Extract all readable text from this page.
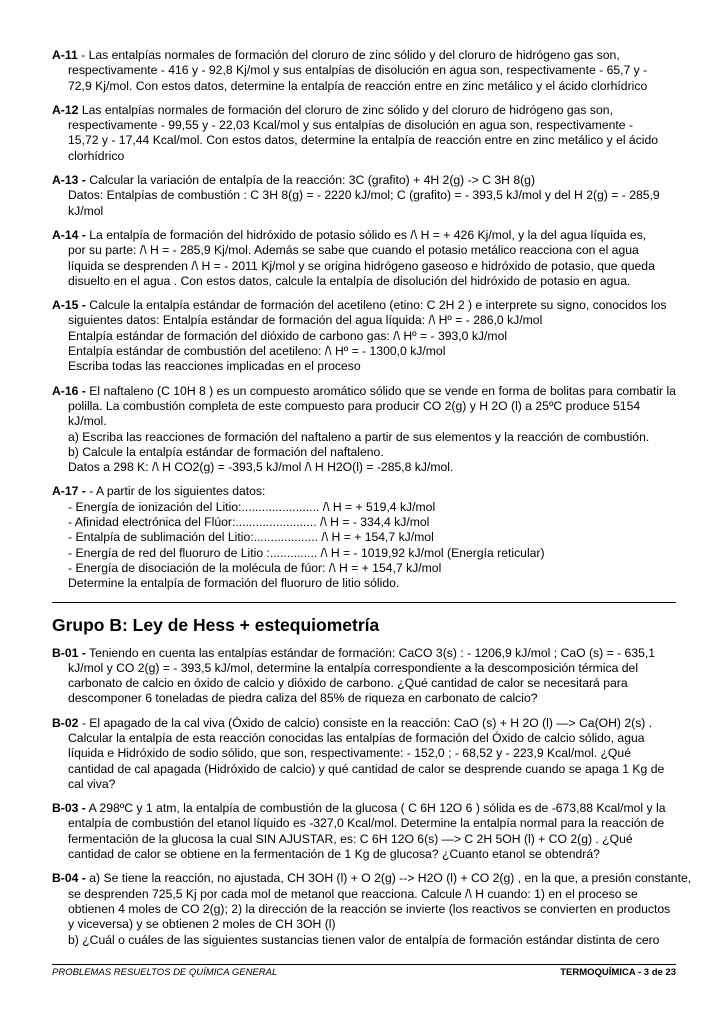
A-11 - Las entalpías normales de formación del cloruro de zinc sólido y del cloruro de hidrógeno gas son,
respectivamente - 416 y - 92,8 Kj/mol y sus entalpías de disolución en agua son, respectivamente - 65,7 y -
72,9 Kj/mol. Con estos datos, determine la entalpía de reacción entre en zinc metálico y el ácido clorhídrico
A-12 Las entalpías normales de formación del cloruro de zinc sólido y del cloruro de hidrógeno gas son,
respectivamente - 99,55 y - 22,03 Kcal/mol y sus entalpías de disolución en agua son, respectivamente -
15,72 y - 17,44 Kcal/mol. Con estos datos, determine la entalpía de reacción entre en zinc metálico y el ácido
clorhídrico
A-13 - Calcular la variación de entalpía de la reacción: 3C (grafito) + 4H 2(g) -> C 3H 8(g)
Datos: Entalpías de combustión : C 3H 8(g) = - 2220 kJ/mol; C (grafito) = - 393,5 kJ/mol y del H 2(g) = - 285,9
kJ/mol
A-14 - La entalpía de formación del hidróxido de potasio sólido es /\ H = + 426 Kj/mol, y la del agua líquida es,
por su parte: /\ H = - 285,9 Kj/mol. Además se sabe que cuando el potasio metálico reacciona con el agua
líquida se desprenden /\ H = - 2011 Kj/mol y se origina hidrógeno gaseoso e hidróxido de potasio, que queda
disuelto en el agua . Con estos datos, calcule la entalpía de disolución del hidróxido de potasio en agua.
A-15 - Calcule la entalpía estándar de formación del acetileno (etino: C 2H 2 ) e interprete su signo, conocidos los
siguientes datos: Entalpía estándar de formación del agua líquida: /\ Hº = - 286,0 kJ/mol
Entalpía estándar de formación del dióxido de carbono gas: /\ Hº = - 393,0 kJ/mol
Entalpía estándar de combustión del acetileno: /\ Hº = - 1300,0 kJ/mol
Escriba todas las reacciones implicadas en el proceso
A-16 - El naftaleno (C 10H 8 ) es un compuesto aromático sólido que se vende en forma de bolitas para combatir la
polilla. La combustión completa de este compuesto para producir CO 2(g) y H 2O (l) a 25ºC produce 5154
kJ/mol.
a) Escriba las reacciones de formación del naftaleno a partir de sus elementos y la reacción de combustión.
b) Calcule la entalpía estándar de formación del naftaleno.
Datos a 298 K: /\ H CO2(g) = -393,5 kJ/mol /\ H H2O(l) = -285,8 kJ/mol.
A-17 - - A partir de los siguientes datos:
- Energía de ionización del Litio:....................... /\ H = + 519,4 kJ/mol
- Afinidad electrónica del Flúor:........................ /\ H = - 334,4 kJ/mol
- Entalpía de sublimación del Litio:................... /\ H = + 154,7 kJ/mol
- Energía de red del fluoruro de Litio :.............. /\ H = - 1019,92 kJ/mol (Energía reticular)
- Energía de disociación de la molécula de fúor: /\ H = + 154,7 kJ/mol
Determine la entalpía de formación del fluoruro de litio sólido.
Grupo B: Ley de Hess + estequiometría
B-01 - Teniendo en cuenta las entalpías estándar de formación: CaCO 3(s) : - 1206,9 kJ/mol ; CaO (s) = - 635,1
kJ/mol y CO 2(g) = - 393,5 kJ/mol, determine la entalpía correspondiente a la descomposición térmica del
carbonato de calcio en óxido de calcio y dióxido de carbono. ¿Qué cantidad de calor se necesitará para
descomponer 6 toneladas de piedra caliza del 85% de riqueza en carbonato de calcio?
B-02 - El apagado de la cal viva (Óxido de calcio) consiste en la reacción: CaO (s) + H 2O (l) —> Ca(OH) 2(s) .
Calcular la entalpía de esta reacción conocidas las entalpías de formación del Óxido de calcio sólido, agua
líquida e Hidróxido de sodio sólido, que son, respectivamente: - 152,0 ; - 68,52 y - 223,9 Kcal/mol. ¿Qué
cantidad de cal apagada (Hidróxido de calcio) y qué cantidad de calor se desprende cuando se apaga 1 Kg de
cal viva?
B-03 - A 298ºC y 1 atm, la entalpía de combustión de la glucosa ( C 6H 12O 6 ) sólida es de -673,88 Kcal/mol y la
entalpía de combustión del etanol líquido es -327,0 Kcal/mol. Determine la entalpía normal para la reacción de
fermentación de la glucosa la cual SIN AJUSTAR, es: C 6H 12O 6(s) —> C 2H 5OH (l) + CO 2(g) . ¿Qué
cantidad de calor se obtiene en la fermentación de 1 Kg de glucosa? ¿Cuanto etanol se obtendrá?
B-04 - a) Se tiene la reacción, no ajustada, CH 3OH (l) + O 2(g) --> H2O (l) + CO 2(g) , en la que, a presión constante,
se desprenden 725,5 Kj por cada mol de metanol que reacciona. Calcule /\ H cuando: 1) en el proceso se
obtienen 4 moles de CO 2(g); 2) la dirección de la reacción se invierte (los reactivos se convierten en productos
y viceversa) y se obtienen 2 moles de CH 3OH (l)
b) ¿Cuál o cuáles de las siguientes sustancias tienen valor de entalpía de formación estándar distinta de cero
PROBLEMAS RESUELTOS DE QUÍMICA GENERAL	TERMOQUÍMICA - 3 de 23
